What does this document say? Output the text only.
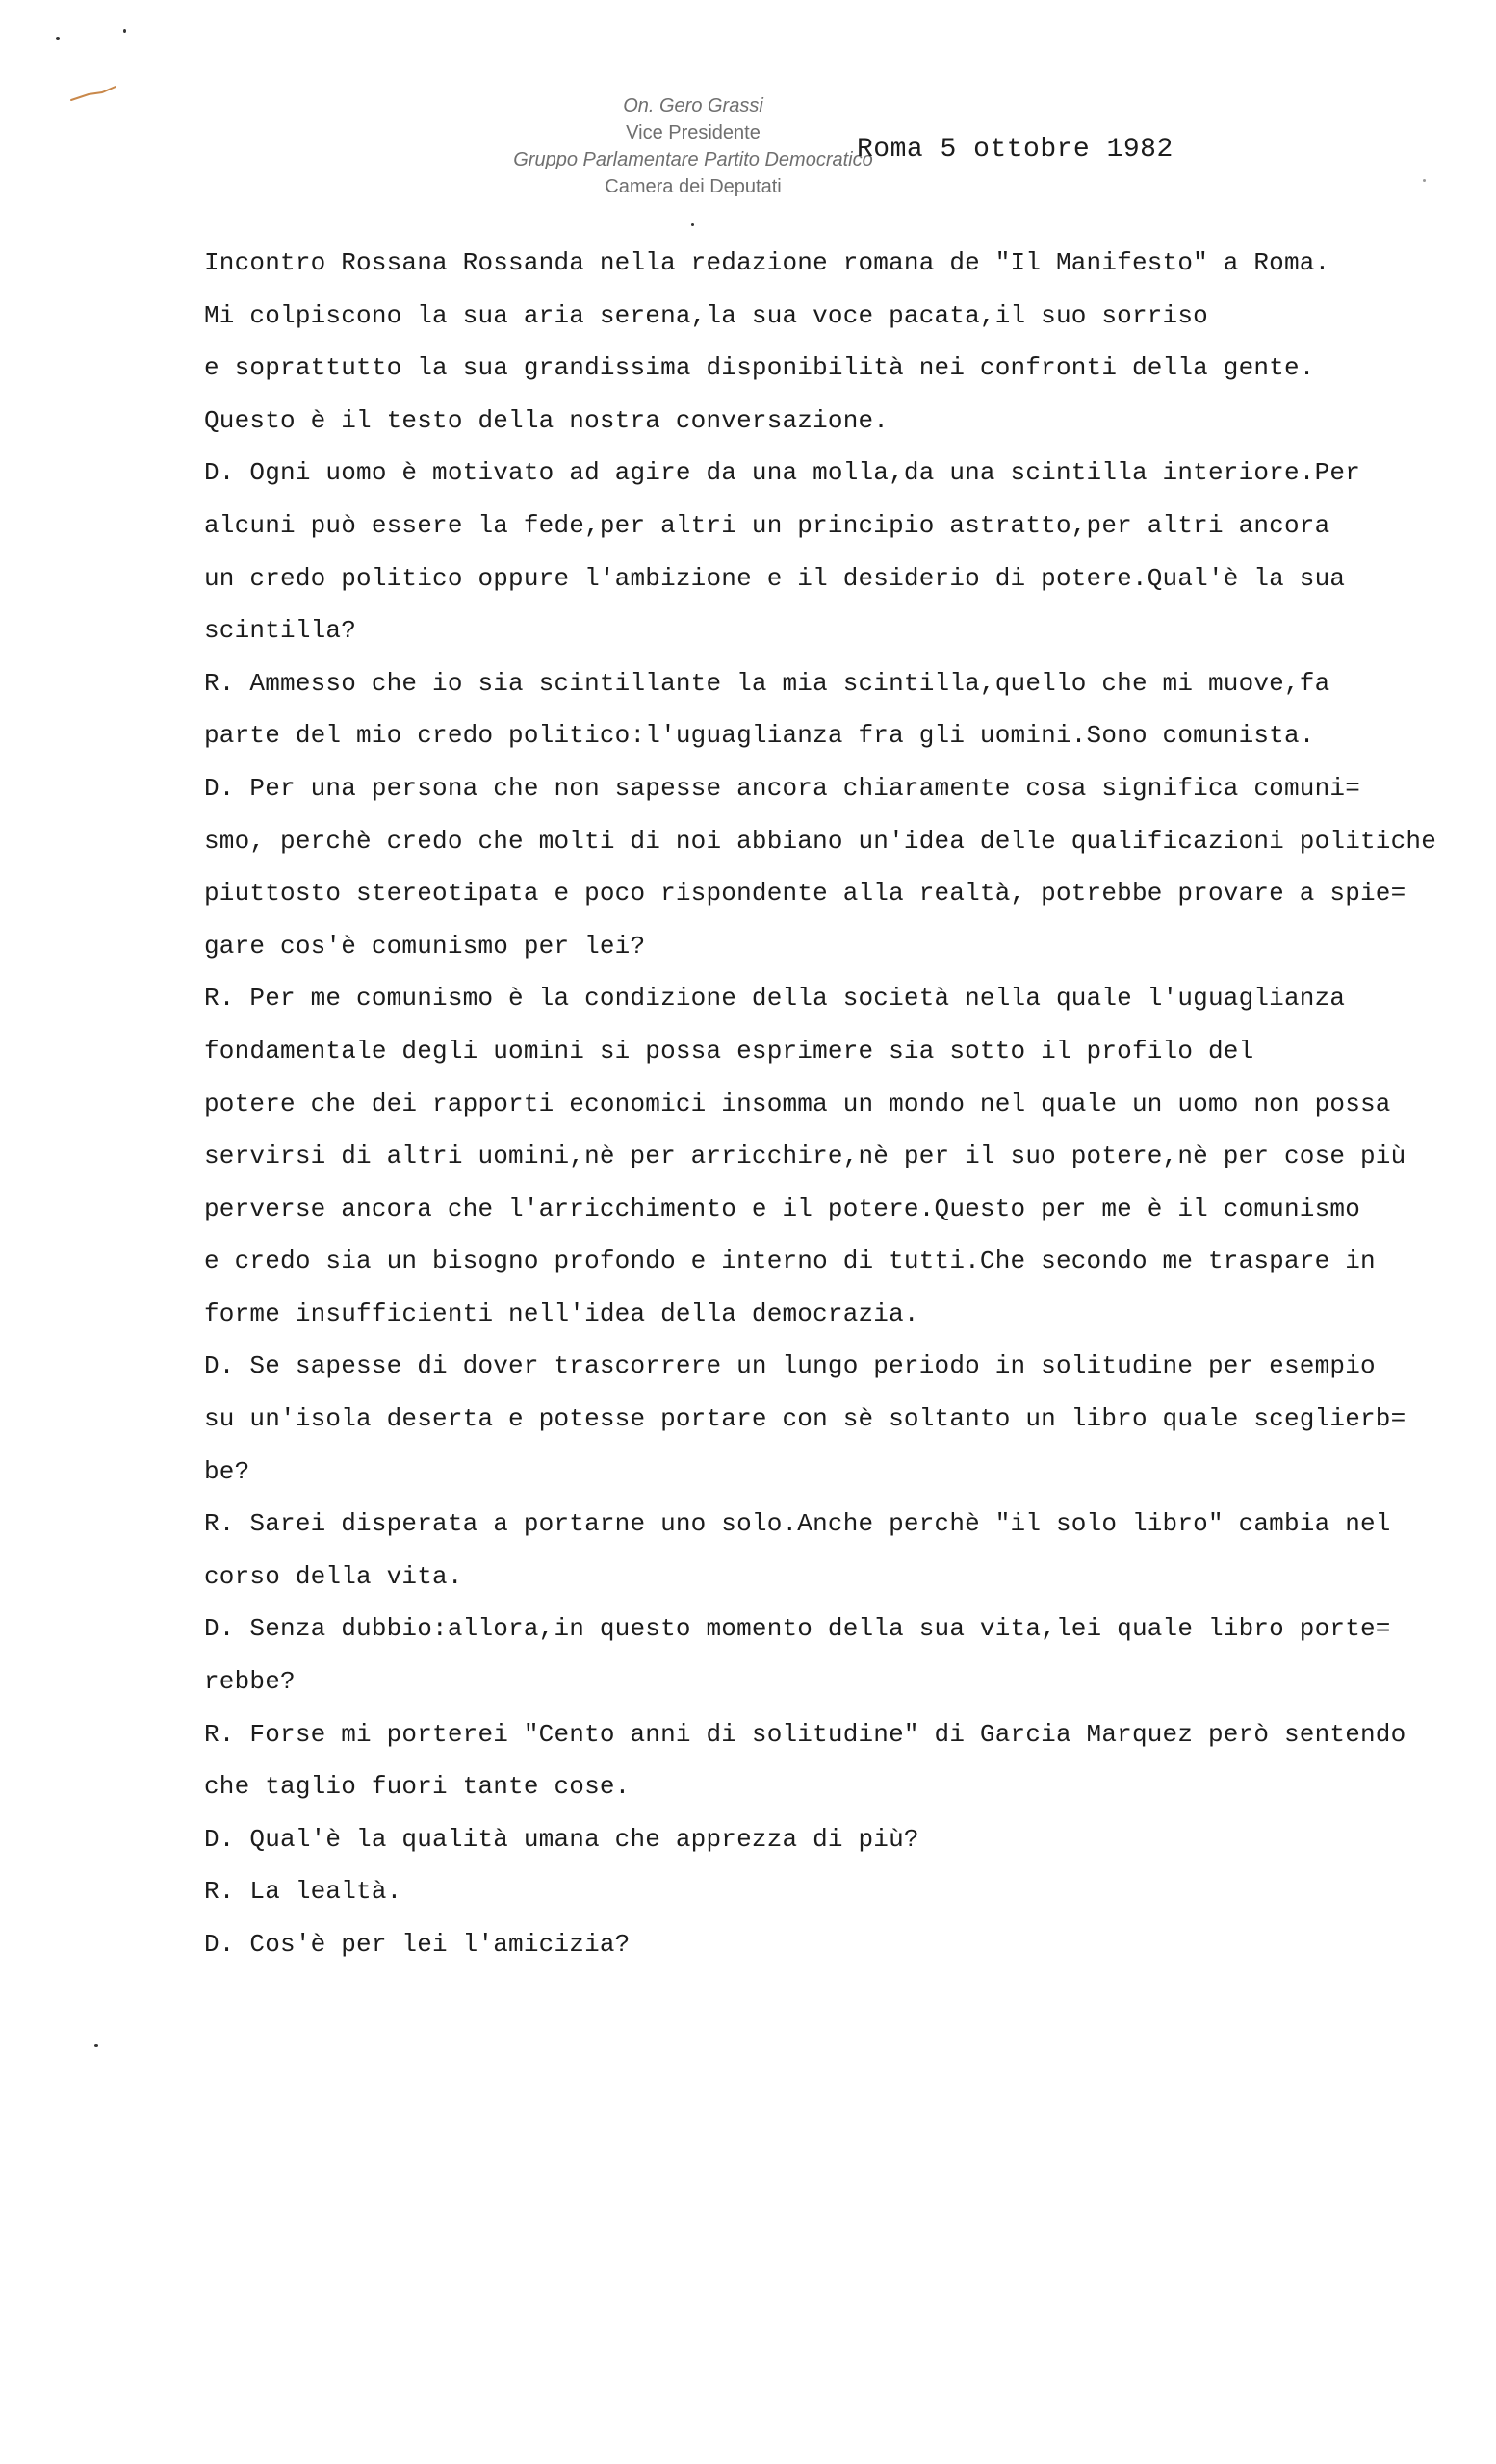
On. Gero Grassi
Vice Presidente
Gruppo Parlamentare Partito Democratico
Camera dei Deputati
Roma 5 ottobre 1982
Incontro Rossana Rossanda nella redazione romana de "Il Manifesto" a Roma.
Mi colpiscono la sua aria serena,la sua voce pacata,il suo sorriso
e soprattutto la sua grandissima disponibilità nei confronti della gente.
Questo è il testo della nostra conversazione.
D. Ogni uomo è motivato ad agire da una molla,da una scintilla interiore.Per
alcuni può essere la fede,per altri un principio astratto,per altri ancora
un credo politico oppure l'ambizione e il desiderio di potere.Qual'è la sua
scintilla?
R. Ammesso che io sia scintillante la mia scintilla,quello che mi muove,fa
parte del mio credo politico:l'uguaglianza fra gli uomini.Sono comunista.
D. Per una persona che non sapesse ancora chiaramente cosa significa comuni=
smo, perchè credo che molti di noi abbiano un'idea delle qualificazioni politiche
piuttosto stereotipata e poco rispondente alla realtà, potrebbe provare a spie=
gare cos'è comunismo per lei?
R. Per me comunismo è la condizione della società nella quale l'uguaglianza
fondamentale degli uomini si possa esprimere sia sotto il profilo del
potere che dei rapporti economici insomma un mondo nel quale un uomo non possa
servirsi di altri uomini,nè per arricchire,nè per il suo potere,nè per cose più
perverse ancora che l'arricchimento e il potere.Questo per me è il comunismo
e credo sia un bisogno profondo e interno di tutti.Che secondo me traspare in
forme insufficienti nell'idea della democrazia.
D. Se sapesse di dover trascorrere un lungo periodo in solitudine per esempio
su un'isola deserta e potesse portare con sè soltanto un libro quale sceglierb=
be?
R. Sarei disperata a portarne uno solo.Anche perchè "il solo libro" cambia nel
corso della vita.
D. Senza dubbio:allora,in questo momento della sua vita,lei quale libro porte=
rebbe?
R. Forse mi porterei "Cento anni di solitudine" di Garcia Marquez però sentendo
che taglio fuori tante cose.
D. Qual'è la qualità umana che apprezza di più?
R. La lealtà.
D. Cos'è per lei l'amicizia?
